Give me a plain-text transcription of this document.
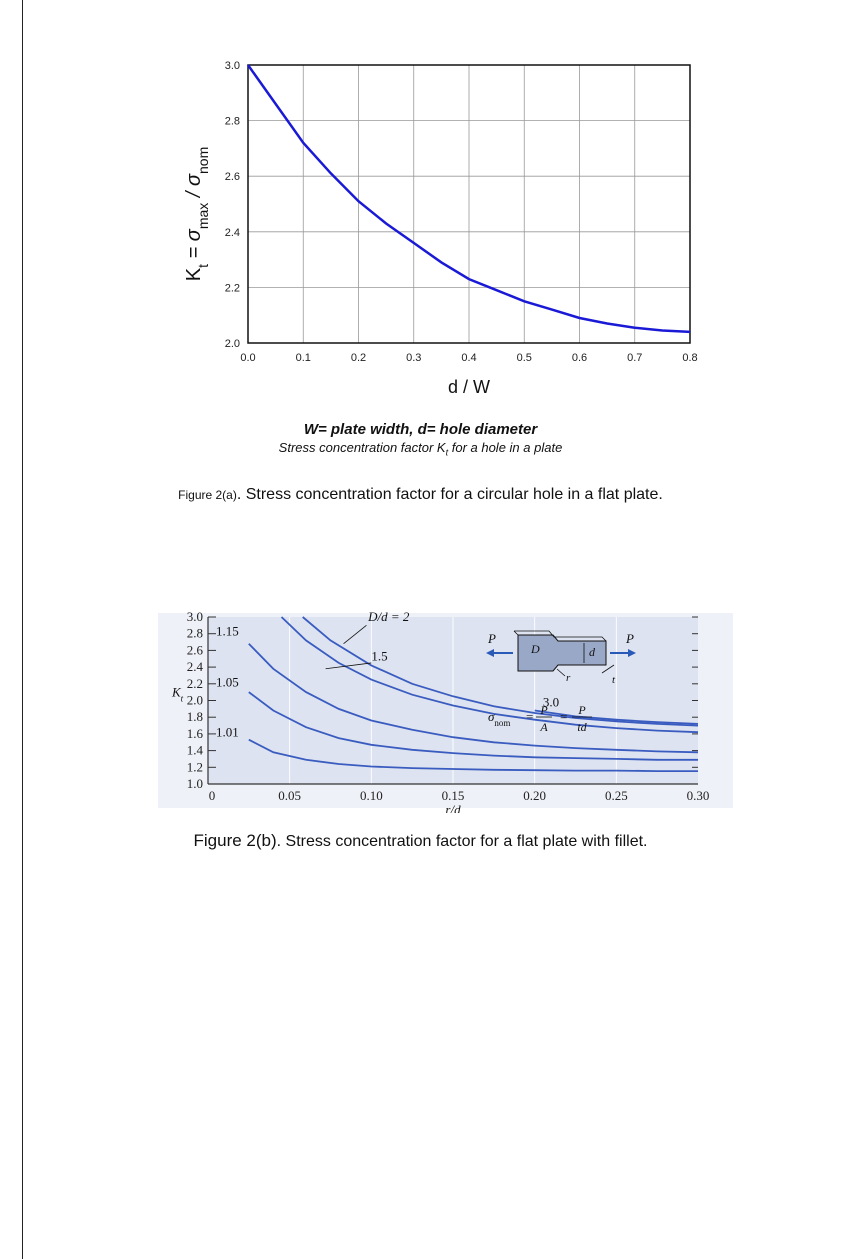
0.0	0.1	0.2	0.3	0.4	0.5	0.6	0.7	0.8
2.0
2.2
2.4
2.6
2.8
3.0
d / W
$K_t = \sigma_{max} / \sigma_{nom}$
W= plate width, d= hole diameter
Stress concentration factor $K_t$ for a hole in a plate
Figure 2(a). Stress concentration factor for a circular hole in a flat plate.
0	0.05	0.10	0.15	0.20	0.25	0.30
1.0
1.2
1.4
1.6
1.8
2.0
2.2
2.4
2.6
2.8
3.0	D/d = 2
3.0
1.5
1.15
1.05
1.01
r/d
$K_t$
P	P
D	d
r	t
$\sigma_{nom} = P$
A
= P
td
Figure 2(b). Stress concentration factor for a flat plate with fillet.
